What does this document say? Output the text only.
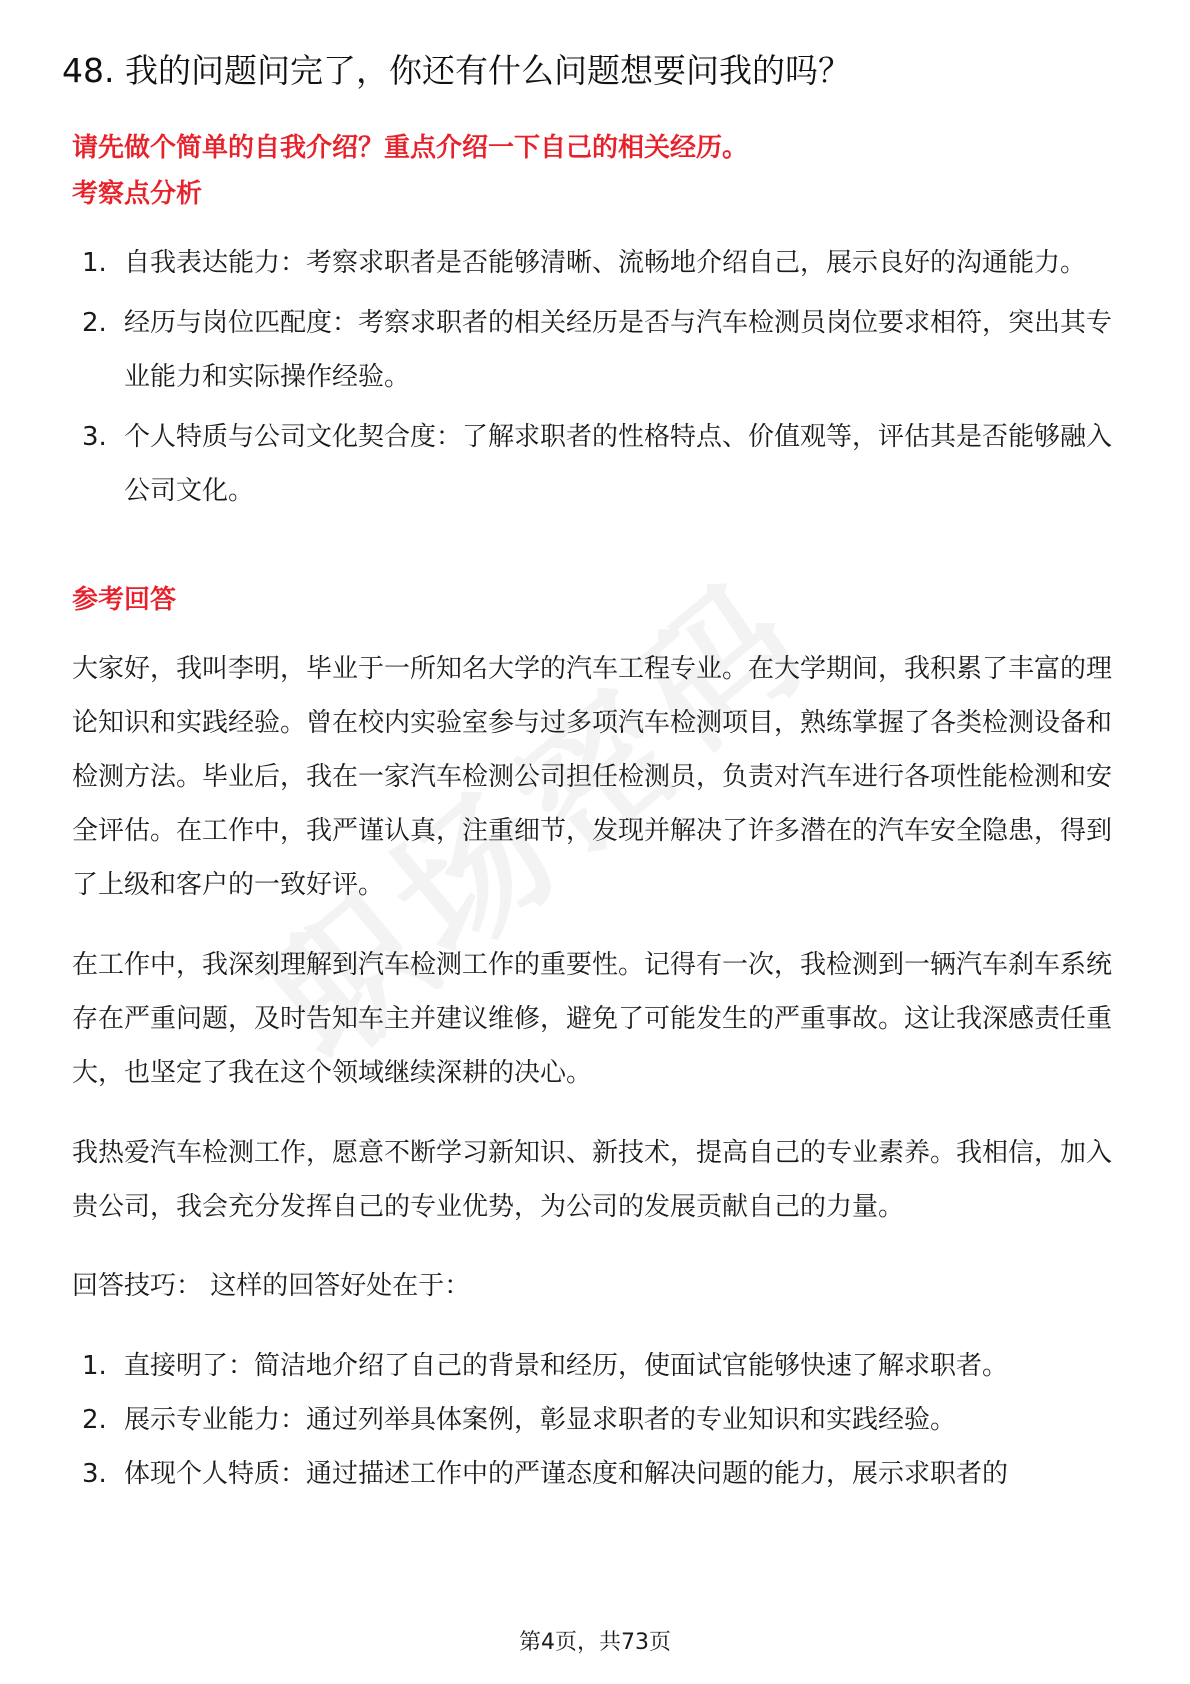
48. 我的问题问完了，你还有什么问题想要问我的吗？

请先做个简单的自我介绍？重点介绍一下自己的相关经历。

考察点分析
1. 自我表达能力：考察求职者是否能够清晰、流畅地介绍自己，展示良好的沟通能力。
2. 经历与岗位匹配度：考察求职者的相关经历是否与汽车检测员岗位要求相符，突出其专业能力和实际操作经验。
3. 个人特质与公司文化契合度：了解求职者的性格特点、价值观等，评估其是否能够融入公司文化。
参考回答

大家好，我叫李明，毕业于一所知名大学的汽车工程专业。在大学期间，我积累了丰富的理论知识和实践经验。曾在校内实验室参与过多项汽车检测项目，熟练掌握了各类检测设备和检测方法。毕业后，我在一家汽车检测公司担任检测员，负责对汽车进行各项性能检测和安全评估。在工作中，我严谨认真，注重细节，发现并解决了许多潜在的汽车安全隐患，得到了上级和客户的一致好评。

在工作中，我深刻理解到汽车检测工作的重要性。记得有一次，我检测到一辆汽车刹车系统存在严重问题，及时告知车主并建议维修，避免了可能发生的严重事故。这让我深感责任重大，也坚定了我在这个领域继续深耕的决心。

我热爱汽车检测工作，愿意不断学习新知识、新技术，提高自己的专业素养。我相信，加入贵公司，我会充分发挥自己的专业优势，为公司的发展贡献自己的力量。

回答技巧： 这样的回答好处在于：

1. 直接明了：简洁地介绍了自己的背景和经历，使面试官能够快速了解求职者。
2. 展示专业能力：通过列举具体案例，彰显求职者的专业知识和实践经验。
3. 体现个人特质：通过描述工作中的严谨态度和解决问题的能力，展示求职者的
第4页，共73页
